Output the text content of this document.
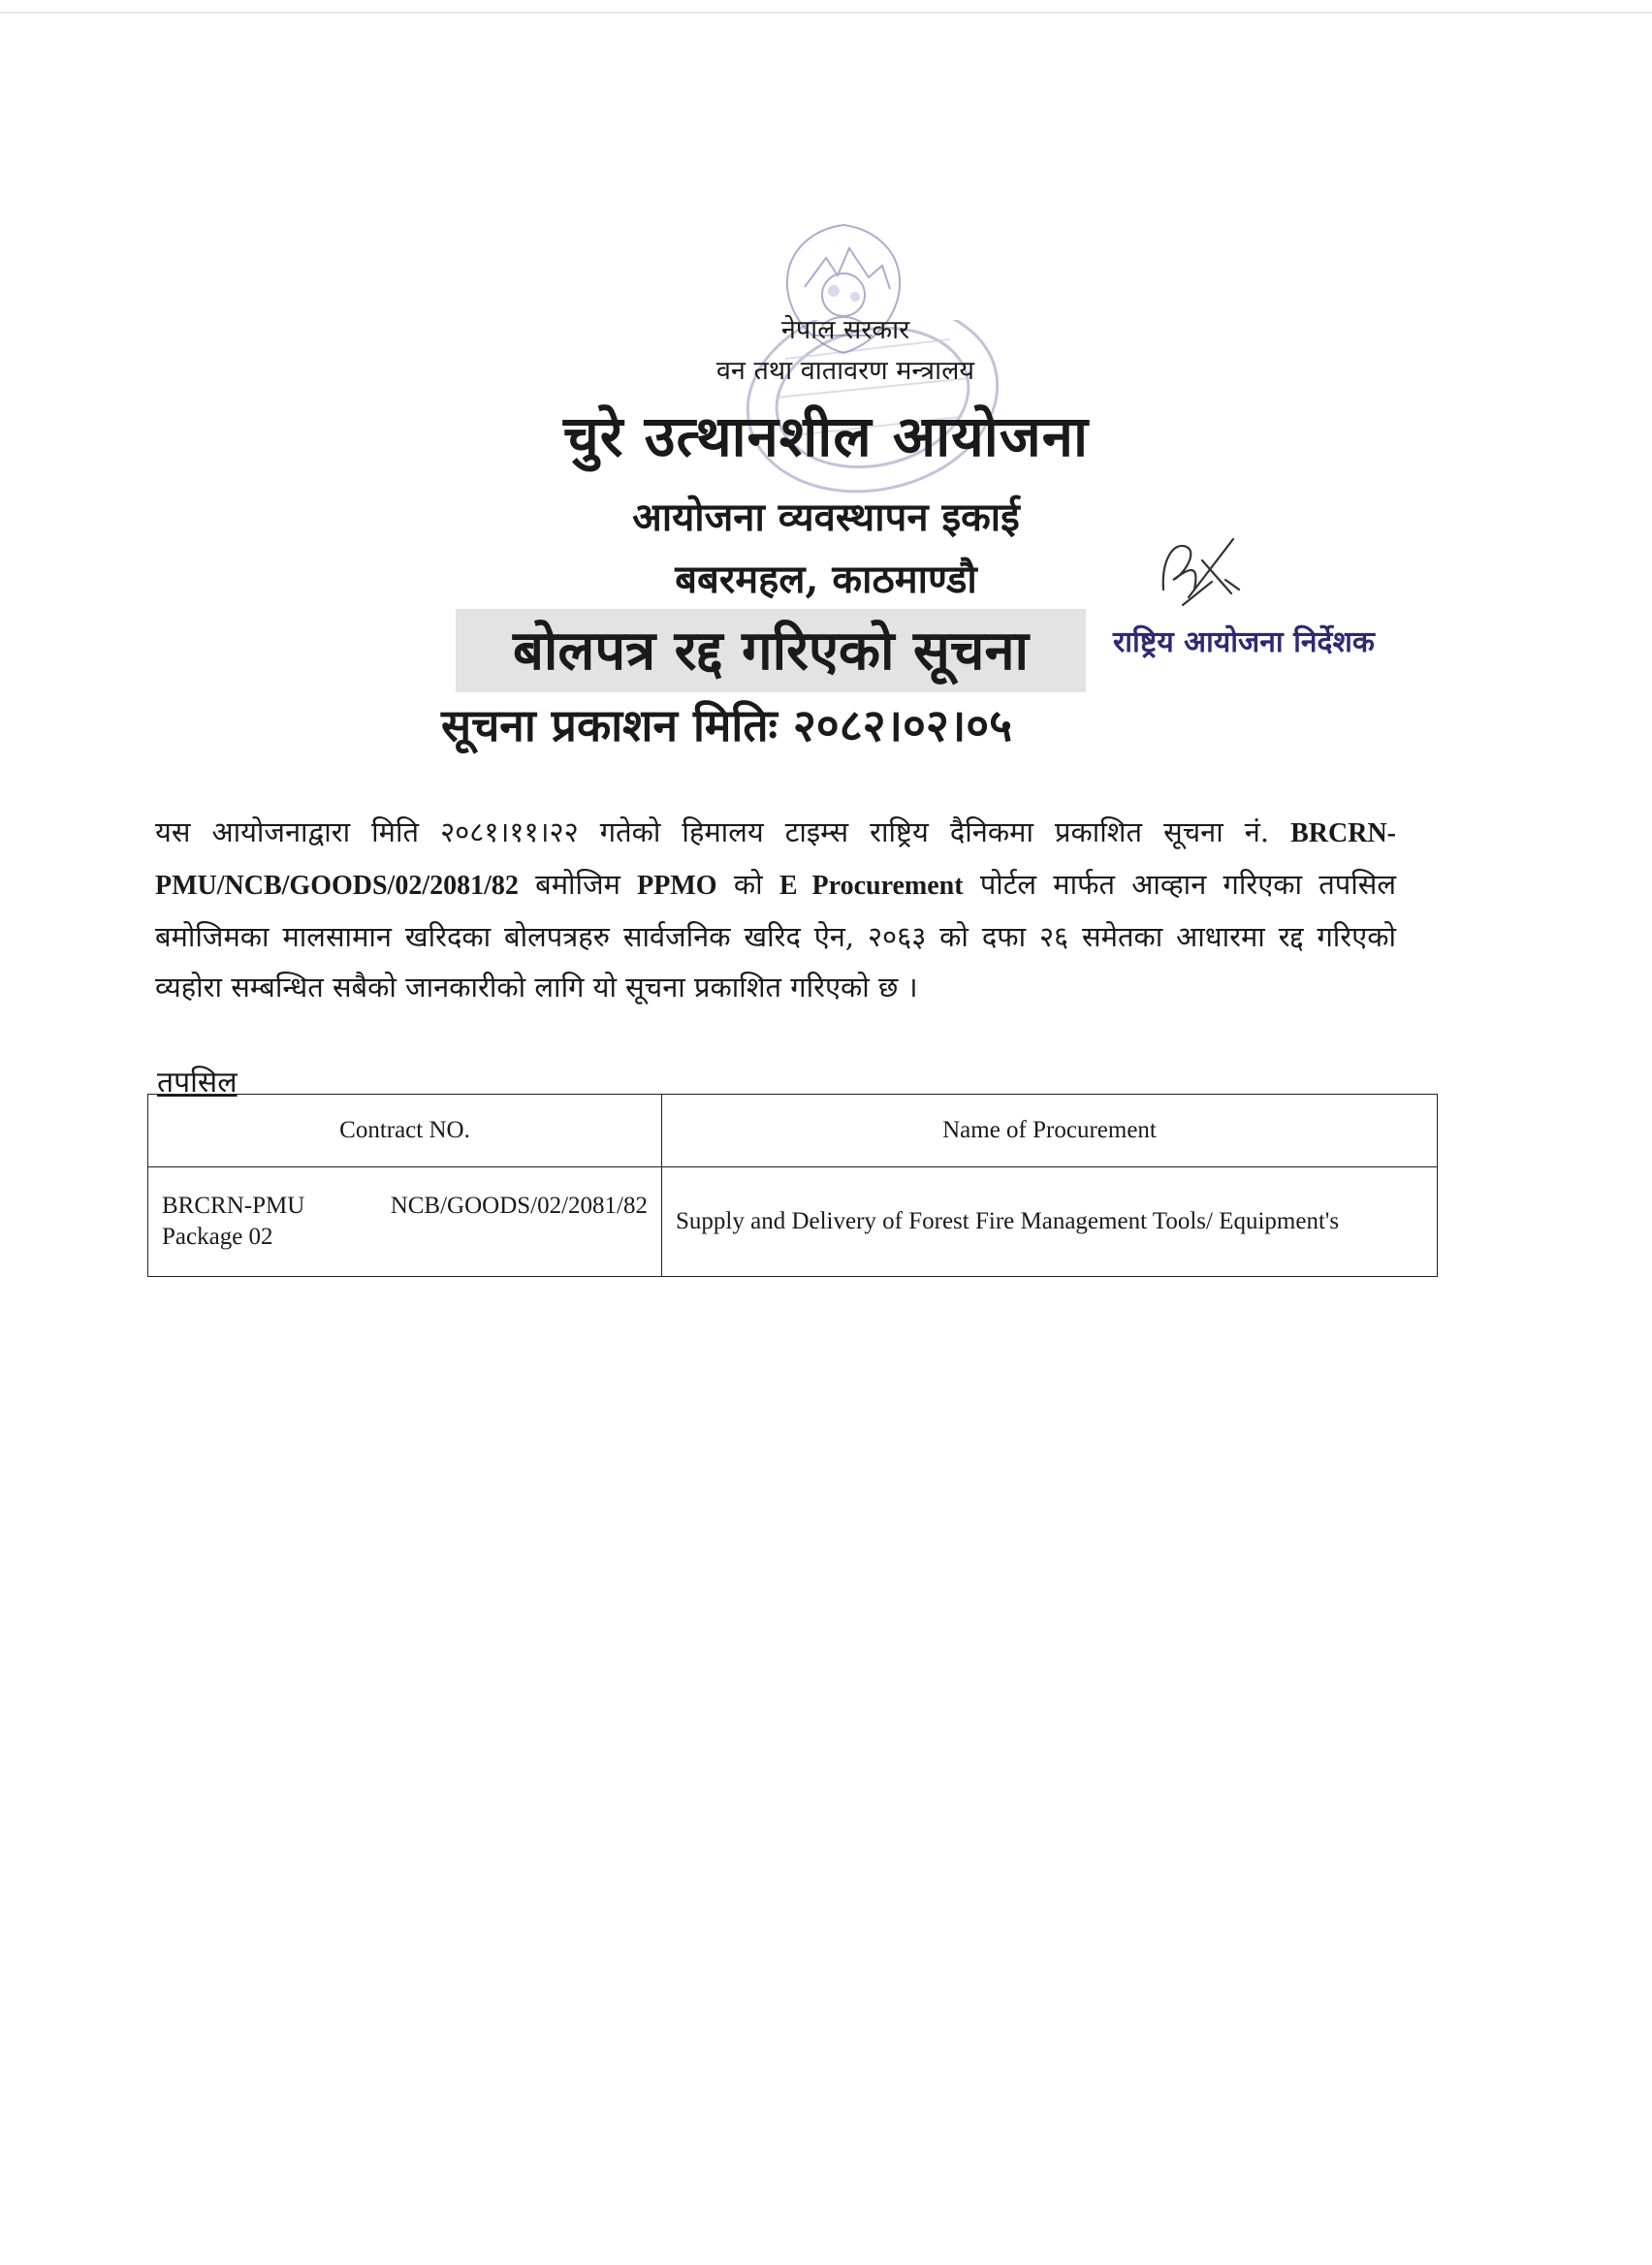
नेपाल सरकार
वन तथा वातावरण मन्त्रालय
चुरे उत्थानशील आयोजना
आयोजना व्यवस्थापन इकाई
बबरमहल, काठमाण्डौ
बोलपत्र रद्द गरिएको सूचना
सूचना प्रकाशन मितिः २०८२।०२।०५
राष्ट्रिय आयोजना निर्देशक
यस आयोजनाद्वारा मिति २०८१।११।२२ गतेको हिमालय टाइम्स राष्ट्रिय दैनिकमा प्रकाशित सूचना नं. BRCRN-PMU/NCB/GOODS/02/2081/82 बमोजिम PPMO को E Procurement पोर्टल मार्फत आव्हान गरिएका तपसिल बमोजिमका मालसामान खरिदका बोलपत्रहरु सार्वजनिक खरिद ऐन, २०६३ को दफा २६ समेतका आधारमा रद्द गरिएको व्यहोरा सम्बन्धित सबैको जानकारीको लागि यो सूचना प्रकाशित गरिएको छ ।
तपसिल
Contract NO.	Name of Procurement
BRCRN-PMU NCB/GOODS/02/2081/82 Package 02	Supply and Delivery of Forest Fire Management Tools/ Equipment's
